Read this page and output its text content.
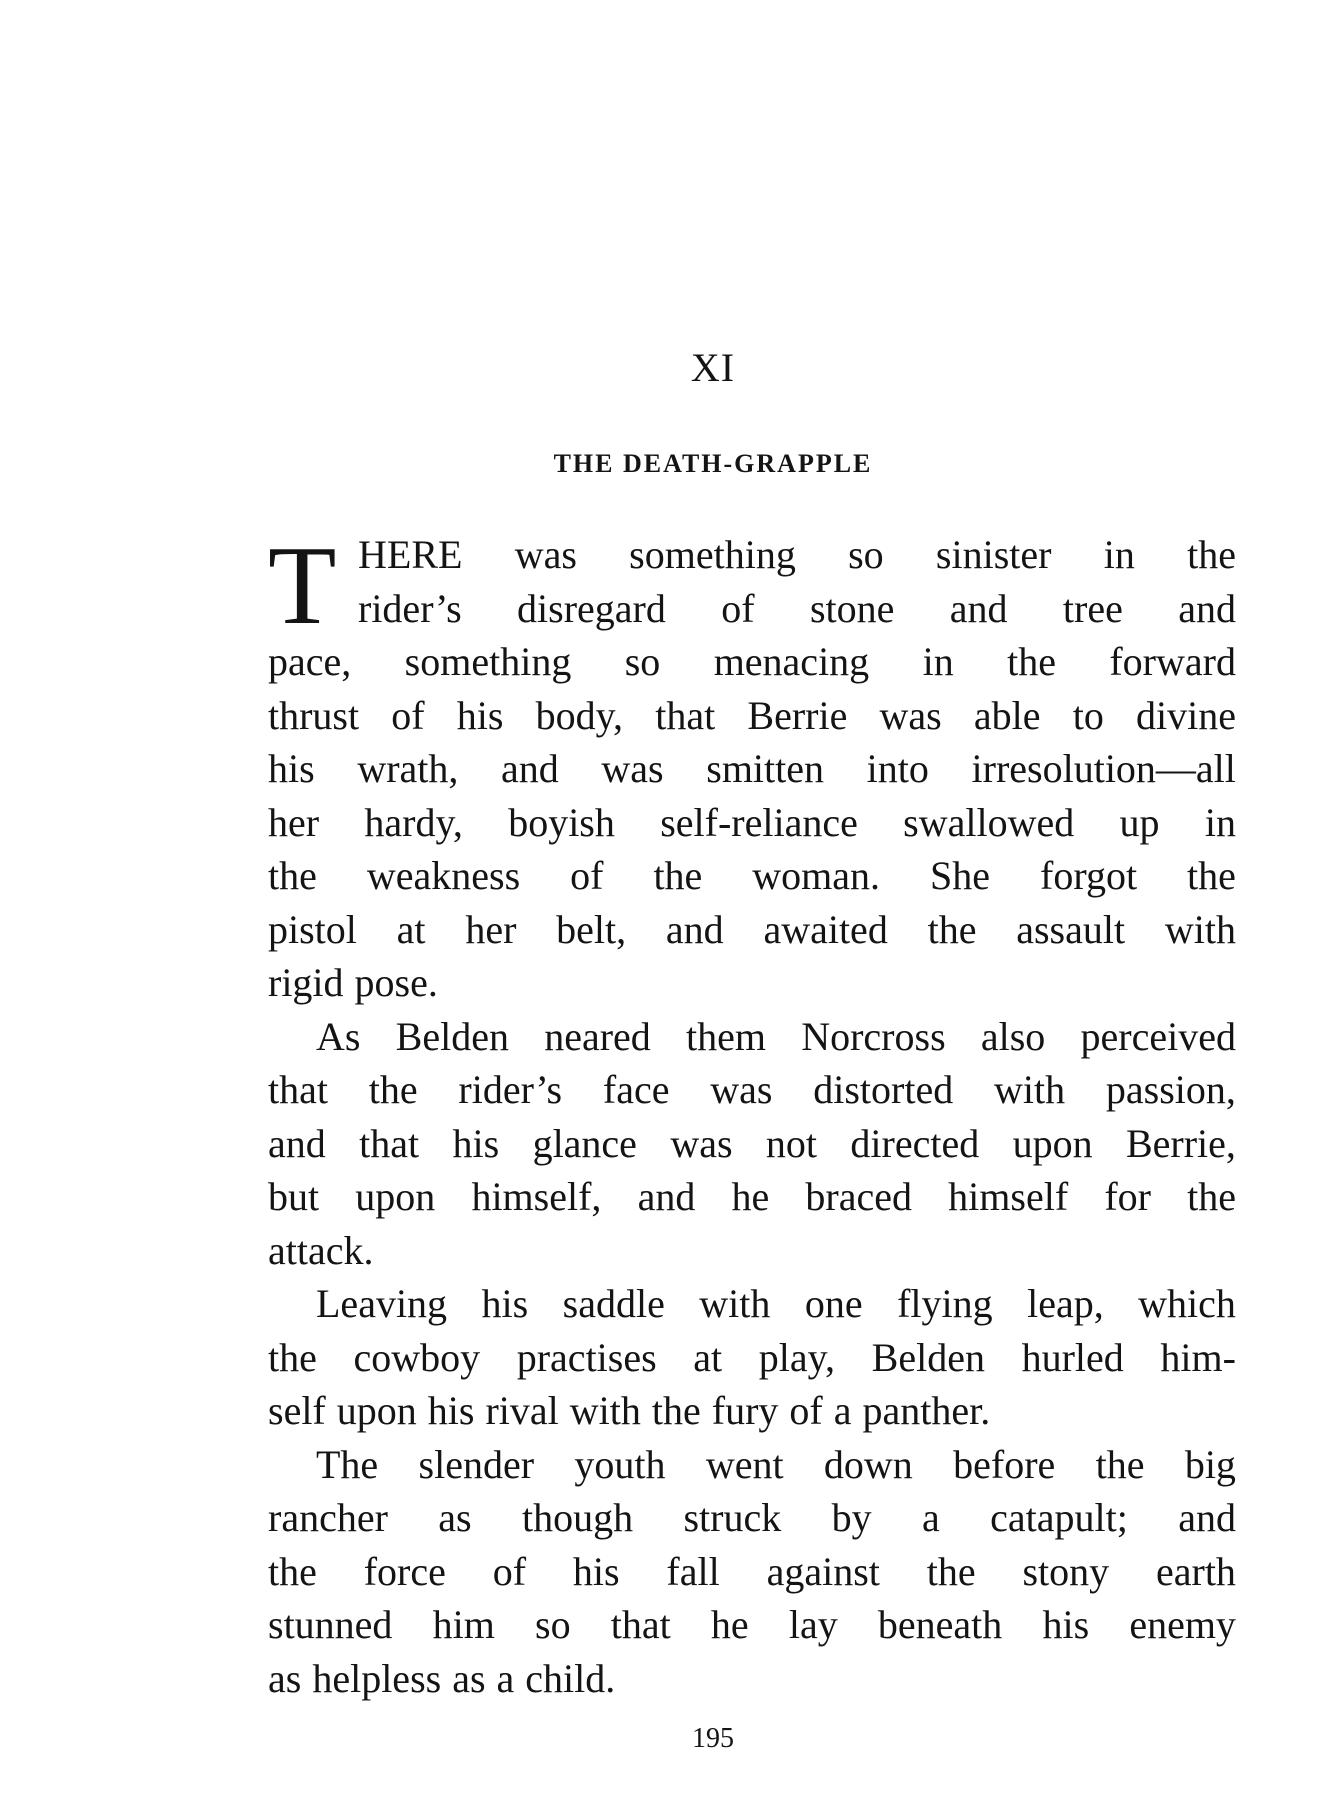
XI
THE DEATH-GRAPPLE
T HERE was something so sinister in the
rider’s disregard of stone and tree and
pace, something so menacing in the forward
thrust of his body, that Berrie was able to divine
his wrath, and was smitten into irresolution—all
her hardy, boyish self-reliance swallowed up in
the weakness of the woman. She forgot the
pistol at her belt, and awaited the assault with
rigid pose.
As Belden neared them Norcross also perceived
that the rider’s face was distorted with passion,
and that his glance was not directed upon Berrie,
but upon himself, and he braced himself for the
attack.
Leaving his saddle with one flying leap, which
the cowboy practises at play, Belden hurled him-
self upon his rival with the fury of a panther.
The slender youth went down before the big
rancher as though struck by a catapult; and
the force of his fall against the stony earth
stunned him so that he lay beneath his enemy
as helpless as a child.
195
